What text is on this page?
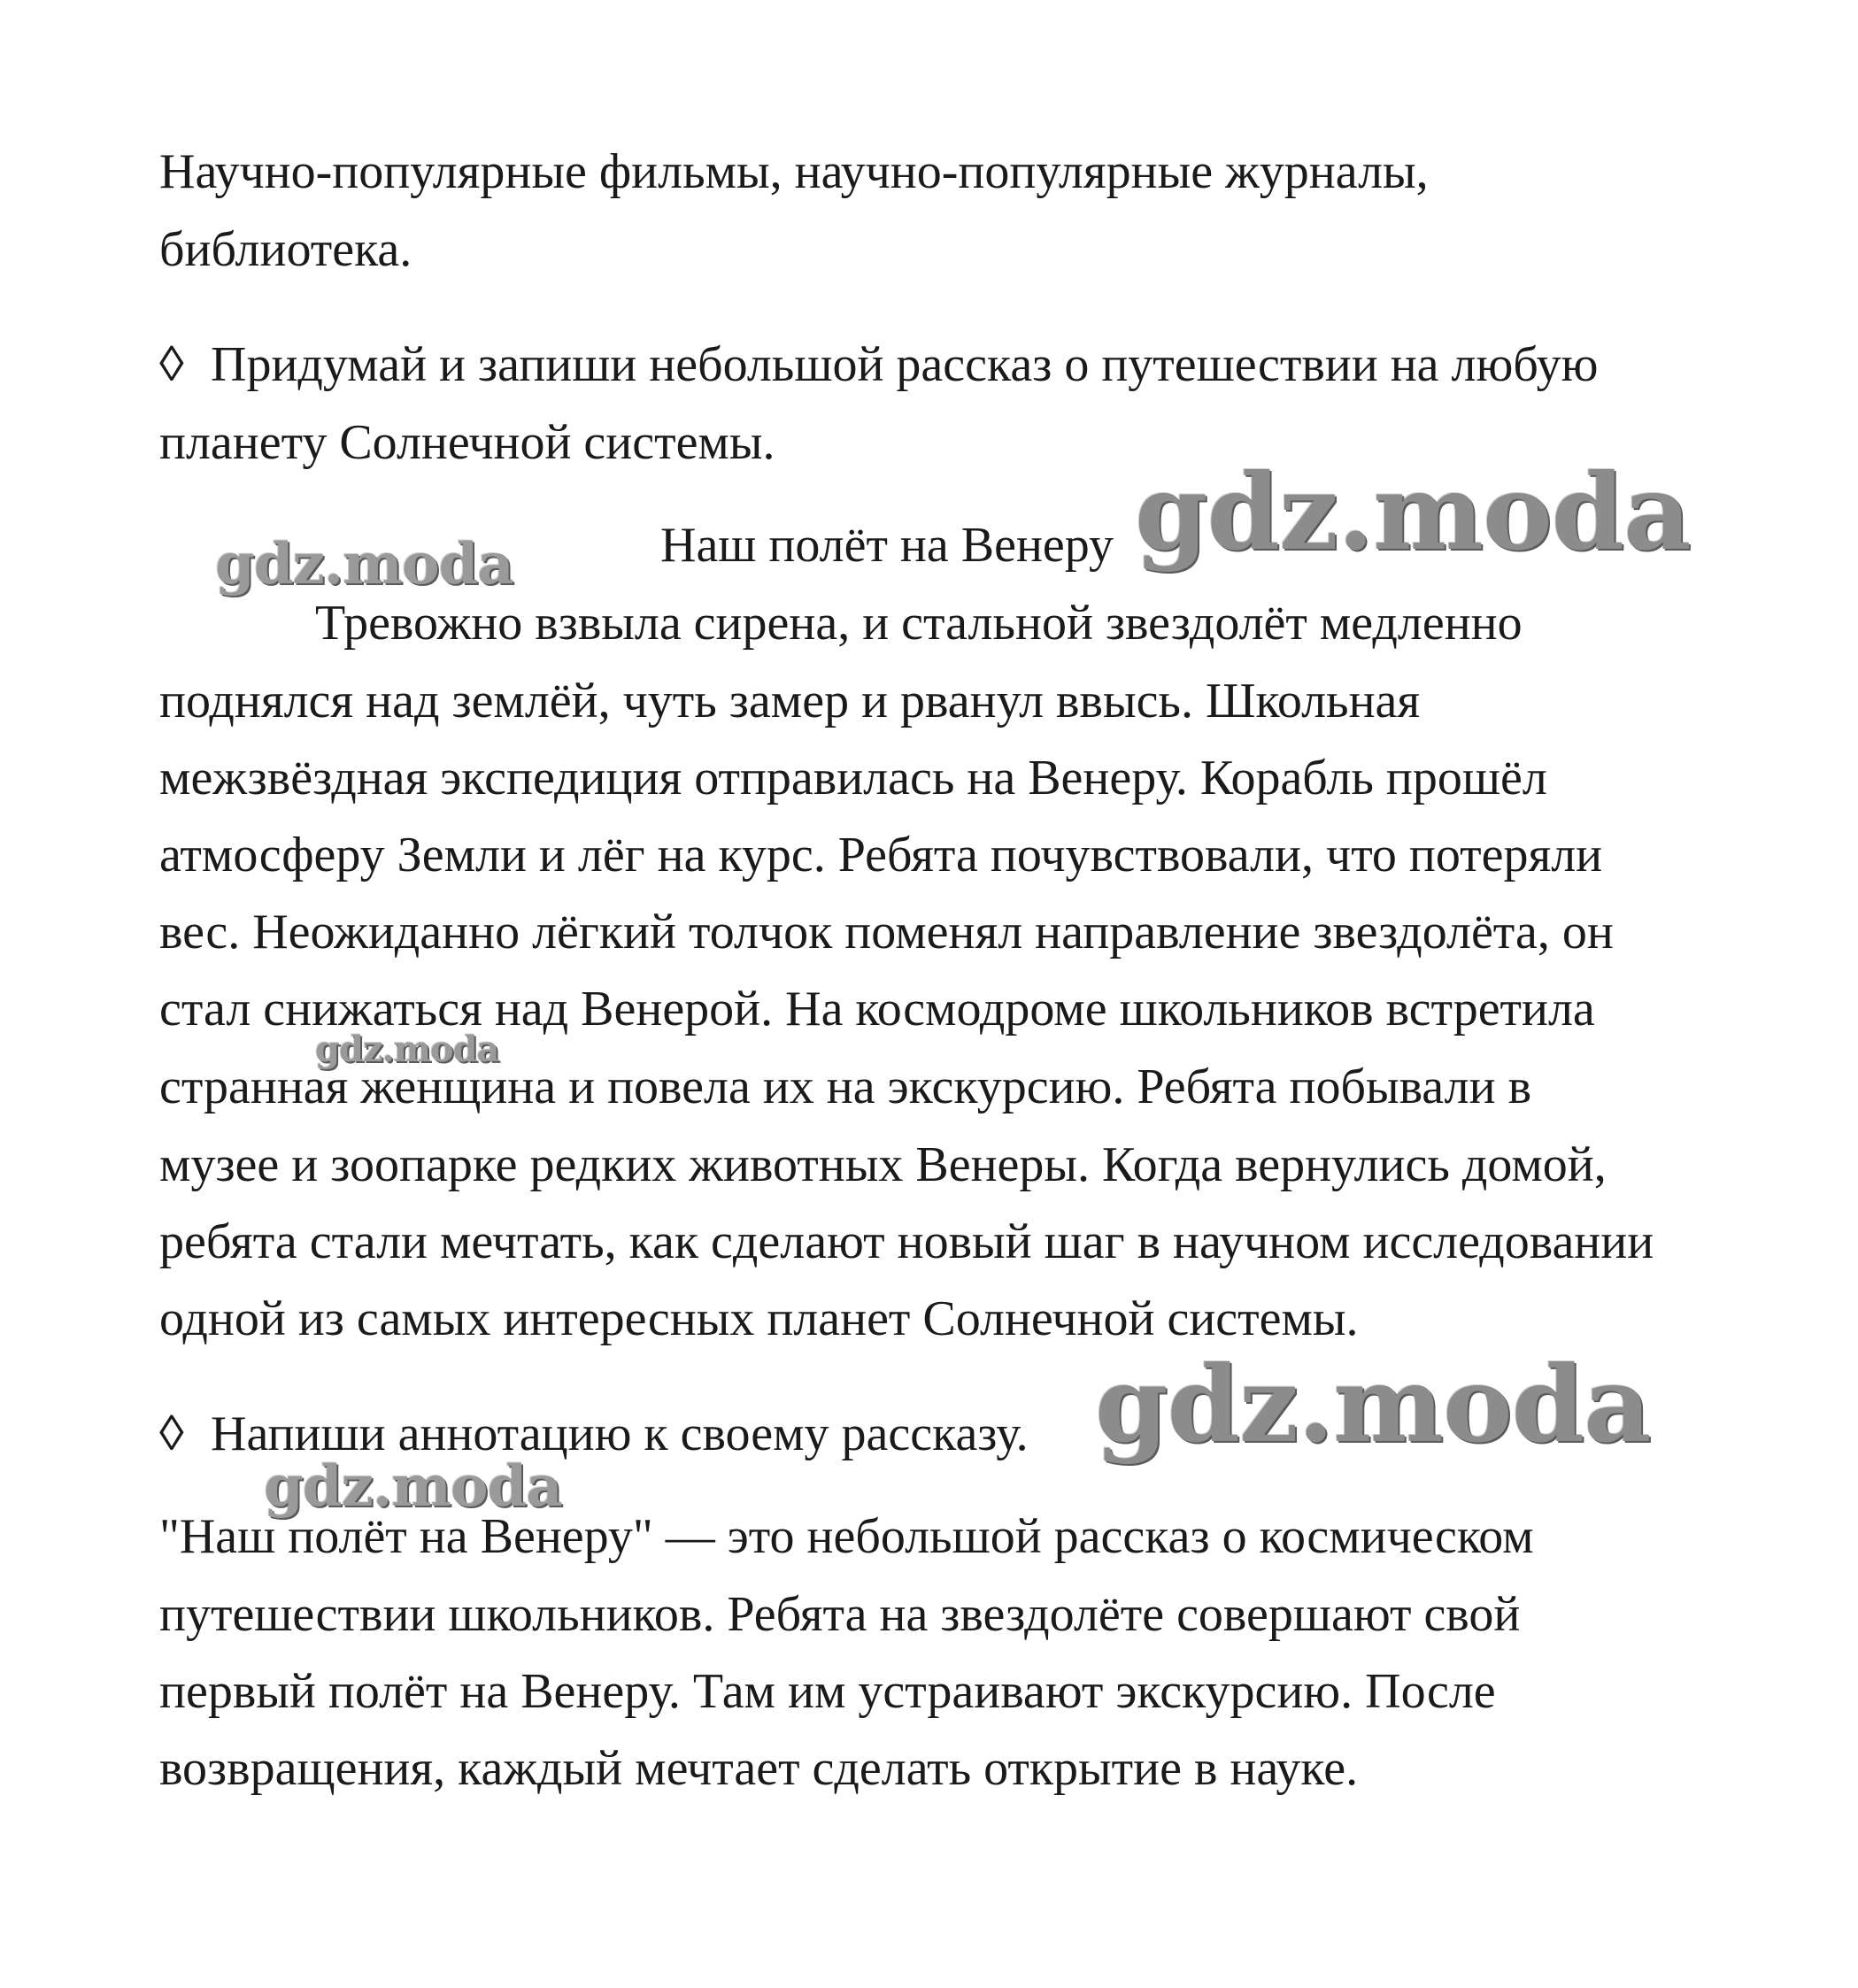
Научно-популярные фильмы, научно-популярные журналы,

библиотека.

◊ Придумай и запиши небольшой рассказ о путешествии на любую

планету Солнечной системы.

Наш полёт на Венеру

Тревожно взвыла сирена, и стальной звездолёт медленно

поднялся над землёй, чуть замер и рванул ввысь. Школьная

межзвёздная экспедиция отправилась на Венеру. Корабль прошёл

атмосферу Земли и лёг на курс. Ребята почувствовали, что потеряли

вес. Неожиданно лёгкий толчок поменял направление звездолёта, он

стал снижаться над Венерой. На космодроме школьников встретила

странная женщина и повела их на экскурсию. Ребята побывали в

музее и зоопарке редких животных Венеры. Когда вернулись домой,

ребята стали мечтать, как сделают новый шаг в научном исследовании

одной из самых интересных планет Солнечной системы.

◊ Напиши аннотацию к своему рассказу.

"Наш полёт на Венеру" — это небольшой рассказ о космическом

путешествии школьников. Ребята на звездолёте совершают свой

первый полёт на Венеру. Там им устраивают экскурсию. После

возвращения, каждый мечтает сделать открытие в науке.

gdz.moda
gdz.moda
gdz.moda
gdz.moda
gdz.moda
